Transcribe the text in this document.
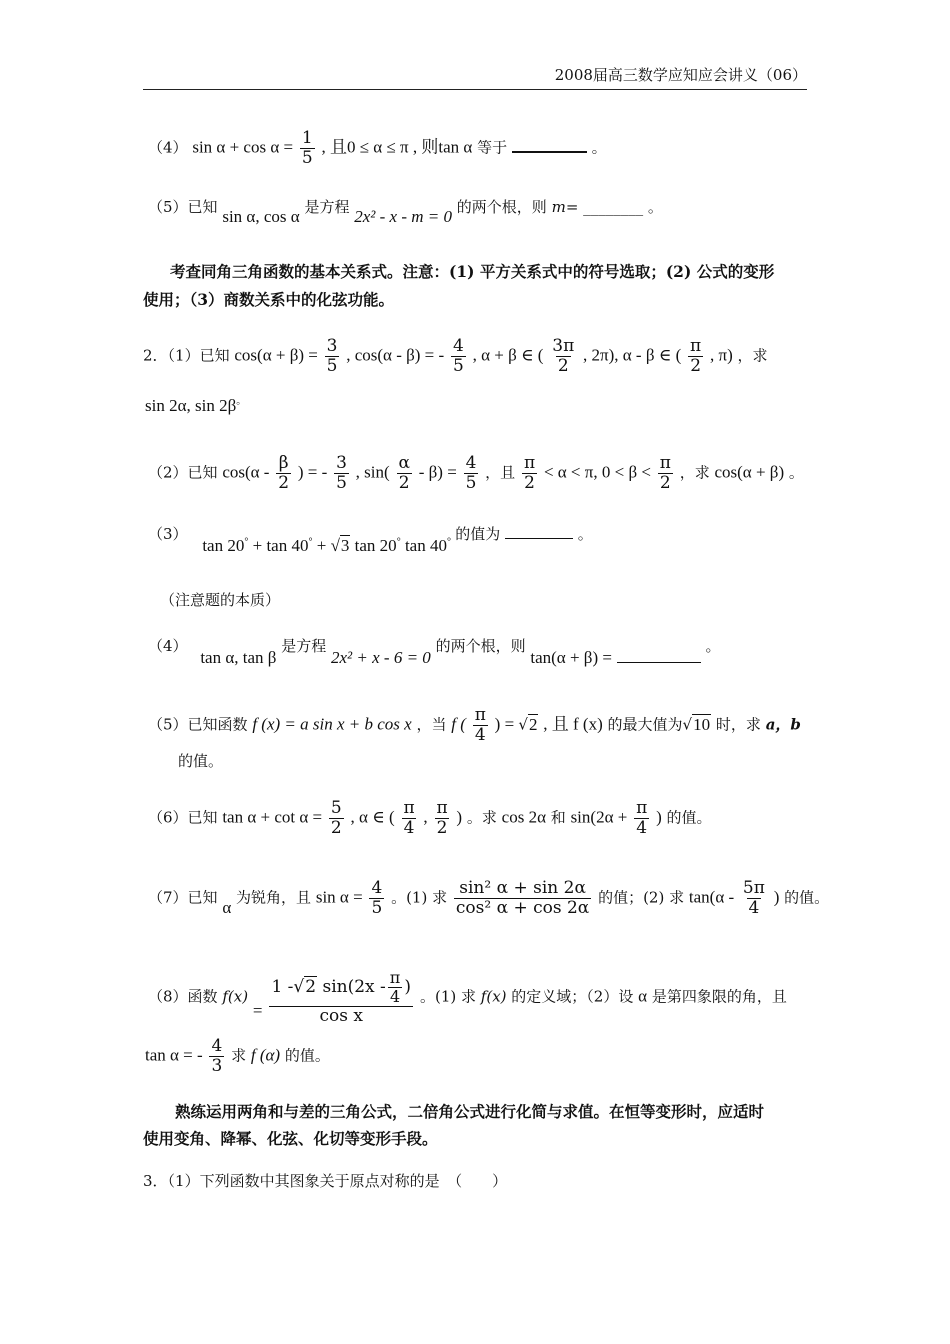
2008届高三数学应知应会讲义（06）
（4） $\sin \alpha + \cos \alpha = \frac{1}{5}$ , 且0 ≤ α ≤ π , 则tan α 等于	。
（5）已知 sin α, cos α 是方程 2x² - x - m = 0 的两个根，则 m= ________ 。
考查同角三角函数的基本关系式。注意：(1) 平方关系式中的符号选取；(2) 公式的变形
使用；（3）商数关系中的化弦功能。
2．（1）已知 $\cos(\alpha + \beta) = \frac{3}{5}$ , cos(α - β) = - $\frac{4}{5}$ , α + β ∈ ( $\frac{3\pi}{2}$ , 2π), α - β ∈ ( $\frac{\pi}{2}$ , π) ，求
sin 2α, sin 2β。
（2）已知 $\cos(\alpha - \frac{\beta}{2}$ ) = - $\frac{3}{5}$ , $\sin( \frac{\alpha}{2} - \beta) = \frac{4}{5}$ ，且 $\frac{\pi}{2} < \alpha < \pi$, $0 < \beta < \frac{\pi}{2}$ ，求 cos(α + β) 。
（3） tan 20° + tan 40° + √3 tan 20° tan 40° 的值为	。
（注意题的本质）
（4） tan α, tan β 是方程 2x² + x - 6 = 0 的两个根，则 tan(α + β) =  。
（5）已知函数 f (x) = a sin x + b cos x ，当 f ( $\frac{\pi}{4}$ ) = √2 , 且 f (x) 的最大值为√10 时，求 a，b
的值。
（6）已知 $\tan \alpha + \cot \alpha = \frac{5}{2}$ , α ∈ ( $\frac{\pi}{4}$ , $\frac{\pi}{2}$ ) 。求 cos 2α 和 $\sin(2\alpha + \frac{\pi}{4}$ ) 的值。
（7）已知 α 为锐角，且 $\sin \alpha = \frac{4}{5}$ 。(1) 求 $\frac{\text{sin² α + sin 2α}}{\text{cos² α + cos 2α}}$ 的值；(2) 求 $\tan(\alpha - \frac{5\pi}{4}$ ) 的值。
（8）函数 $f(x) = \frac{1 -√2 \sin(2x - \frac{\pi}{4} )}{\text{cos x}}$ 。(1) 求 f(x) 的定义域；（2）设 α 是第四象限的角，且
tan α = - $\frac{4}{3}$ 求 f (α) 的值。
熟练运用两角和与差的三角公式，二倍角公式进行化简与求值。在恒等变形时，应适时
使用变角、降幂、化弦、化切等变形手段。
3．（1）下列函数中其图象关于原点对称的是　（　　）
